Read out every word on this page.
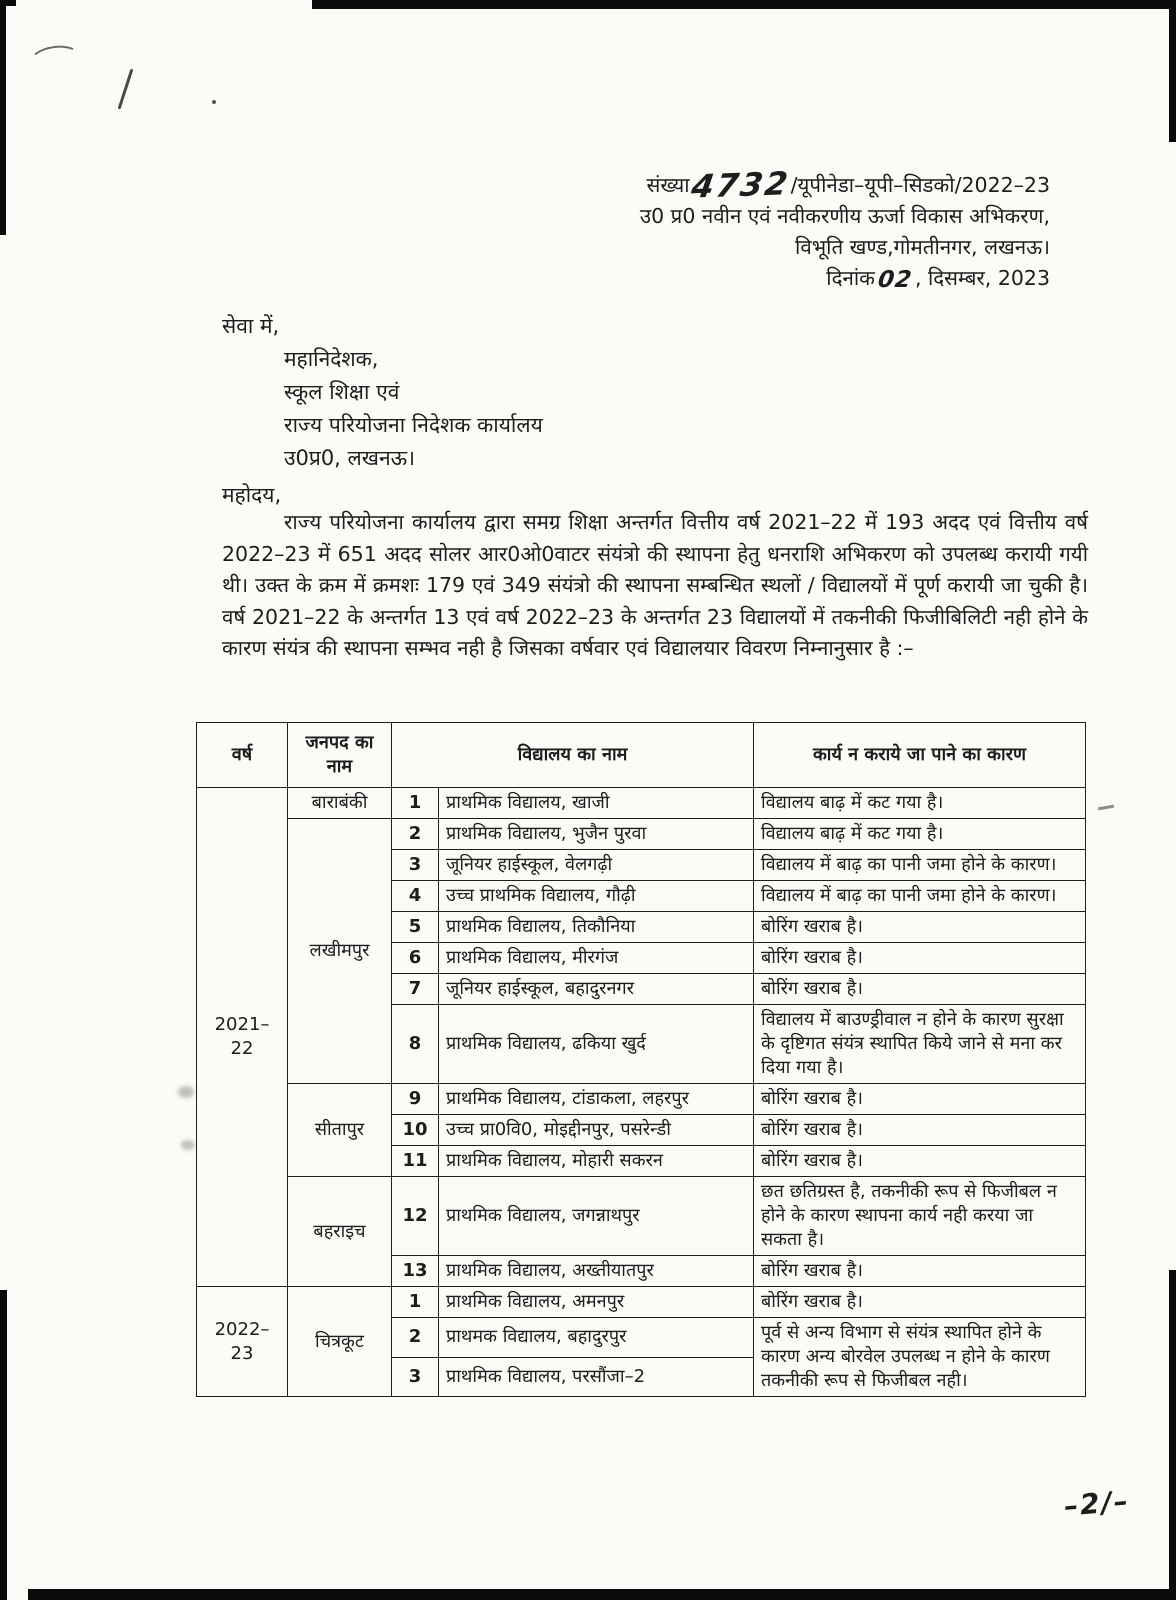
संख्या4732/यूपीनेडा–यूपी–सिडको/2022–23
उ0 प्र0 नवीन एवं नवीकरणीय ऊर्जा विकास अभिकरण,
विभूति खण्ड,गोमतीनगर, लखनऊ।
दिनांक02, दिसम्बर, 2023
सेवा में,
महानिदेशक,
स्कूल शिक्षा एवं
राज्य परियोजना निदेशक कार्यालय
उ0प्र0, लखनऊ।
महोदय,
राज्य परियोजना कार्यालय द्वारा समग्र शिक्षा अन्तर्गत वित्तीय वर्ष 2021–22 में 193 अदद एवं वित्तीय वर्ष 2022–23 में 651 अदद सोलर आर0ओ0वाटर संयंत्रो की स्थापना हेतु धनराशि अभिकरण को उपलब्ध करायी गयी थी। उक्त के क्रम में क्रमशः 179 एवं 349 संयंत्रो की स्थापना सम्बन्धित स्थलों / विद्यालयों में पूर्ण करायी जा चुकी है। वर्ष 2021–22 के अन्तर्गत 13 एवं वर्ष 2022–23 के अन्तर्गत 23 विद्यालयों में तकनीकी फिजीबिलिटी नही होने के कारण संयंत्र की स्थापना सम्भव नही है जिसका वर्षवार एवं विद्यालयार विवरण निम्नानुसार है :–
वर्ष	जनपद का नाम	विद्यालय का नाम		कार्य न कराये जा पाने का कारण
2021–22	बाराबंकी	1	प्राथमिक विद्यालय, खाजी	विद्यालय बाढ़ में कट गया है।
	लखीमपुर	2	प्राथमिक विद्यालय, भुजैन पुरवा	विद्यालय बाढ़ में कट गया है।
		3	जूनियर हाईस्कूल, वेलगढ़ी	विद्यालय में बाढ़ का पानी जमा होने के कारण।
		4	उच्च प्राथमिक विद्यालय, गौढ़ी	विद्यालय में बाढ़ का पानी जमा होने के कारण।
		5	प्राथमिक विद्यालय, तिकौनिया	बोरिंग खराब है।
		6	प्राथमिक विद्यालय, मीरगंज	बोरिंग खराब है।
		7	जूनियर हाईस्कूल, बहादुरनगर	बोरिंग खराब है।
		8	प्राथमिक विद्यालय, ढकिया खुर्द	विद्यालय में बाउण्ड्रीवाल न होने के कारण सुरक्षा के दृष्टिगत संयंत्र स्थापित किये जाने से मना कर दिया गया है।
	सीतापुर	9	प्राथमिक विद्यालय, टांडाकला, लहरपुर	बोरिंग खराब है।
		10	उच्च प्रा0वि0, मोइद्दीनपुर, पसरेन्डी	बोरिंग खराब है।
		11	प्राथमिक विद्यालय, मोहारी सकरन	बोरिंग खराब है।
	बहराइच	12	प्राथमिक विद्यालय, जगन्नाथपुर	छत छतिग्रस्त है, तकनीकी रूप से फिजीबल न होने के कारण स्थापना कार्य नही करया जा सकता है।
		13	प्राथमिक विद्यालय, अख्तीयातपुर	बोरिंग खराब है।
2022–23	चित्रकूट	1	प्राथमिक विद्यालय, अमनपुर	बोरिंग खराब है।
		2	प्राथमक विद्यालय, बहादुरपुर	पूर्व से अन्य विभाग से संयंत्र स्थापित होने के कारण अन्य बोरवेल उपलब्ध न होने के कारण तकनीकी रूप से फिजीबल नही।
		3	प्राथमिक विद्यालय, परसौंजा–2	
–2/–
